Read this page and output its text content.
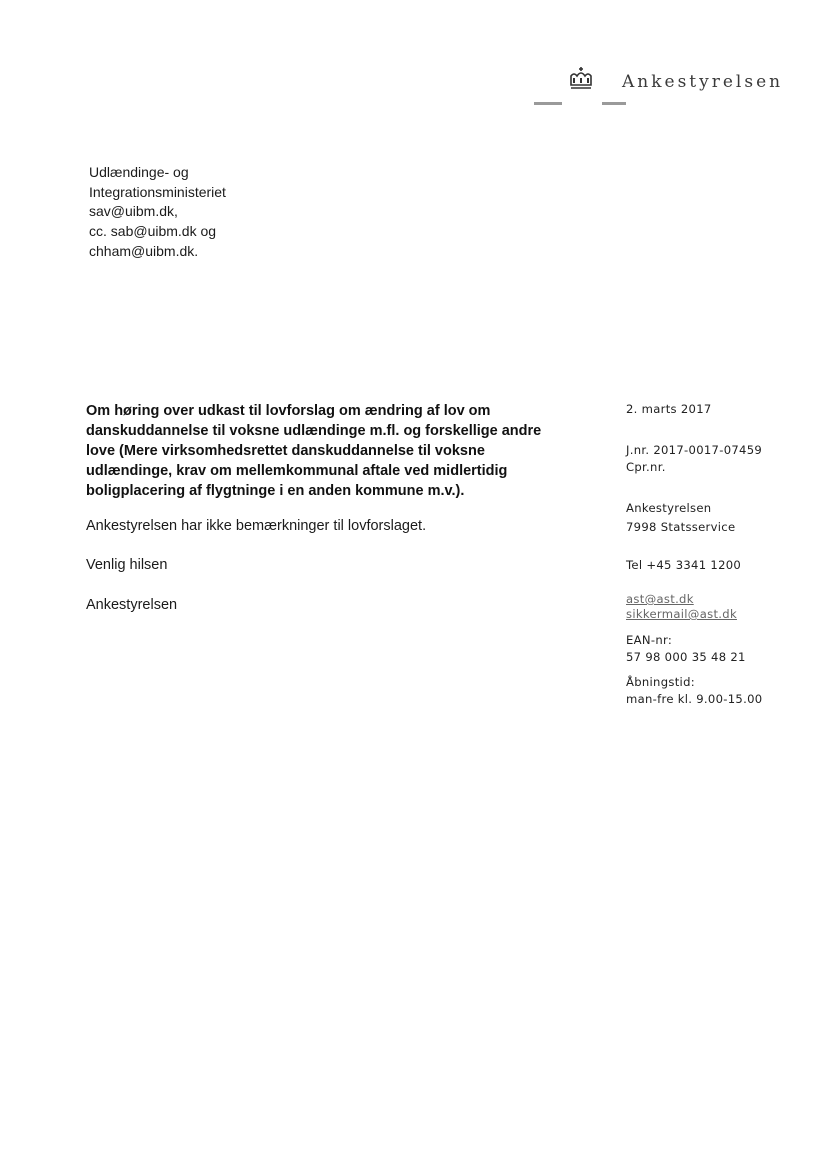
Ankestyrelsen
Udlændinge- og
Integrationsministeriet
sav@uibm.dk,
cc. sab@uibm.dk og
chham@uibm.dk.
Om høring over udkast til lovforslag om ændring af lov om
danskuddannelse til voksne udlændinge m.fl. og forskellige andre
love (Mere virksomhedsrettet danskuddannelse til voksne
udlændinge, krav om mellemkommunal aftale ved midlertidig
boligplacering af flygtninge i en anden kommune m.v.).
Ankestyrelsen har ikke bemærkninger til lovforslaget.
Venlig hilsen
Ankestyrelsen
2. marts 2017
J.nr. 2017-0017-07459
Cpr.nr.
Ankestyrelsen
7998 Statsservice
Tel +45 3341 1200
ast@ast.dk
sikkermail@ast.dk
EAN-nr:
57 98 000 35 48 21
Åbningstid:
man-fre kl. 9.00-15.00
